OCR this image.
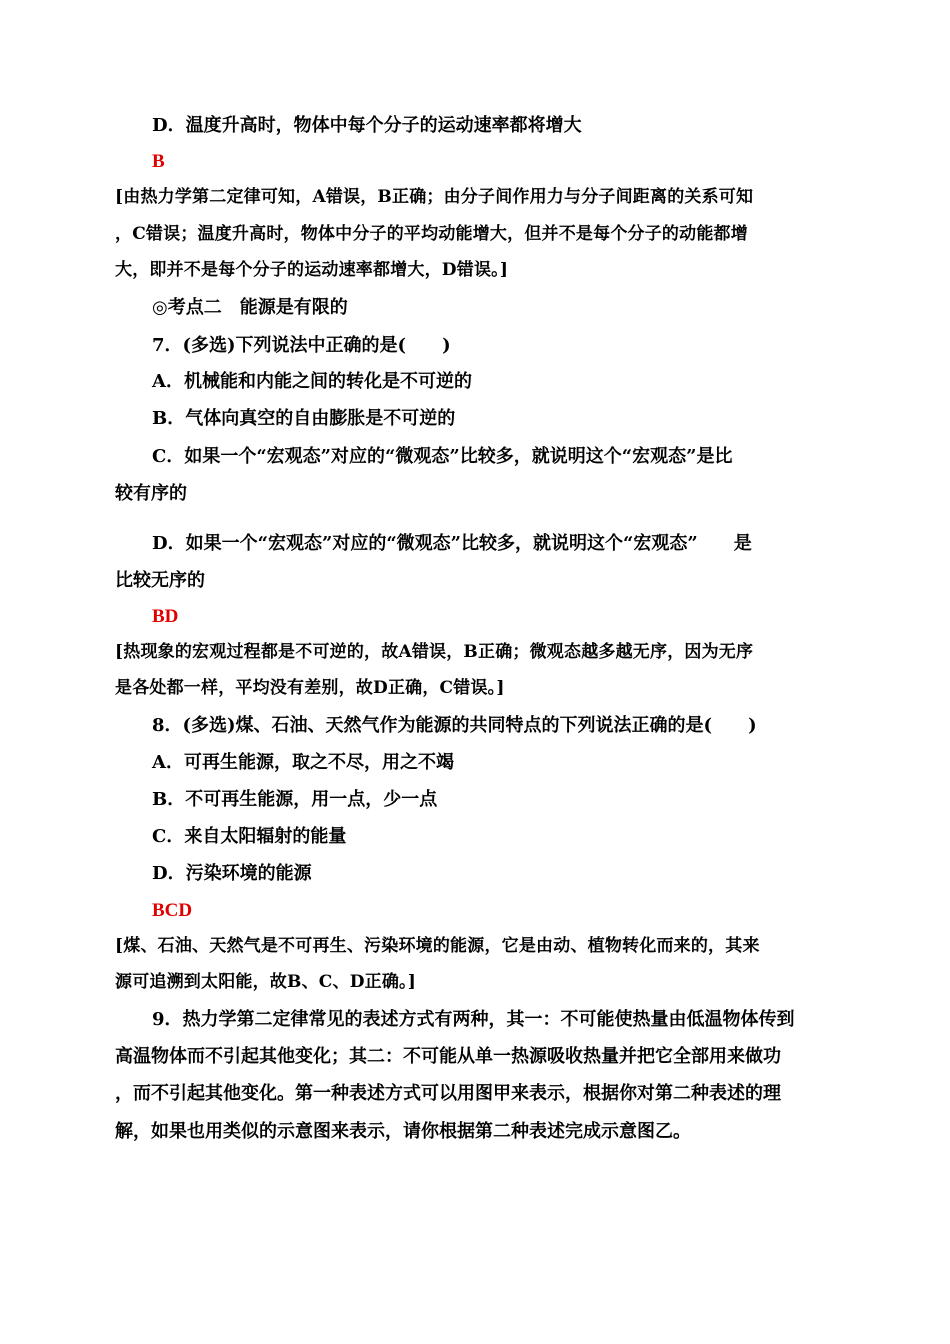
D．温度升高时，物体中每个分子的运动速率都将增大
B
[由热力学第二定律可知，A错误，B正确；由分子间作用力与分子间距离的关系可知
，C错误；温度升高时，物体中分子的平均动能增大，但并不是每个分子的动能都增
大，即并不是每个分子的运动速率都增大，D错误。]
◎考点二　能源是有限的
7．(多选)下列说法中正确的是(　　)
A．机械能和内能之间的转化是不可逆的
B．气体向真空的自由膨胀是不可逆的
C．如果一个“宏观态”对应的“微观态”比较多，就说明这个“宏观态”是比
较有序的
D．如果一个“宏观态”对应的“微观态”比较多，就说明这个“宏观态”　　是
比较无序的
BD
[热现象的宏观过程都是不可逆的，故A错误，B正确；微观态越多越无序，因为无序
是各处都一样，平均没有差别，故D正确，C错误。]
8．(多选)煤、石油、天然气作为能源的共同特点的下列说法正确的是(　　)
A．可再生能源，取之不尽，用之不竭
B．不可再生能源，用一点，少一点
C．来自太阳辐射的能量
D．污染环境的能源
BCD
[煤、石油、天然气是不可再生、污染环境的能源，它是由动、植物转化而来的，其来
源可追溯到太阳能，故B、C、D正确。]
9．热力学第二定律常见的表述方式有两种，其一：不可能使热量由低温物体传到
高温物体而不引起其他变化；其二：不可能从单一热源吸收热量并把它全部用来做功
，而不引起其他变化。第一种表述方式可以用图甲来表示，根据你对第二种表述的理
解，如果也用类似的示意图来表示，请你根据第二种表述完成示意图乙。
